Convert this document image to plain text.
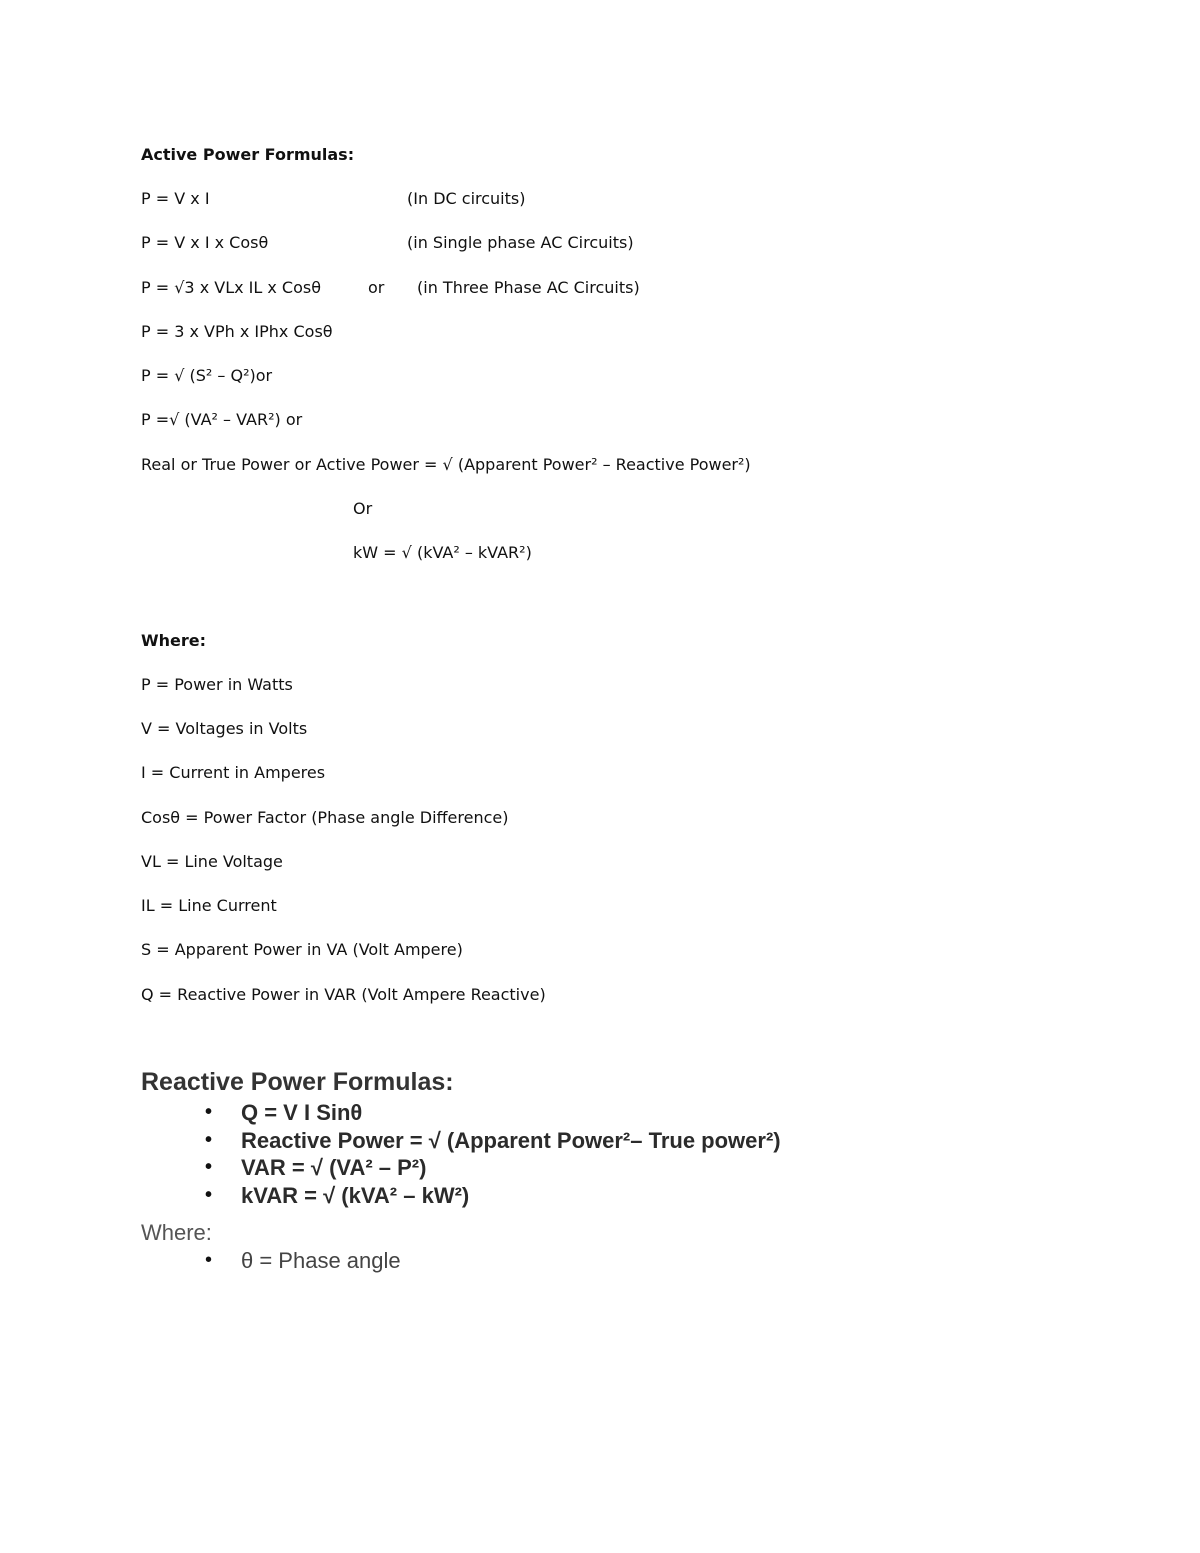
Active Power Formulas:
P = V x I	(In DC circuits)
P = V x I x Cosθ	(in Single phase AC Circuits)
P = √3 x VLx IL x Cosθ	or (in Three Phase AC Circuits)
P = 3 x VPh x IPhx Cosθ
P = √ (S² – Q²)or
P =√ (VA² – VAR²) or
Real or True Power or Active Power = √ (Apparent Power² – Reactive Power²)
Or
kW = √ (kVA² – kVAR²)
Where:
P = Power in Watts
V = Voltages in Volts
I = Current in Amperes
Cosθ = Power Factor (Phase angle Difference)
VL = Line Voltage
IL = Line Current
S = Apparent Power in VA (Volt Ampere)
Q = Reactive Power in VAR (Volt Ampere Reactive)
Reactive Power Formulas:
• Q = V I Sinθ
• Reactive Power = √ (Apparent Power²– True power²)
• VAR = √ (VA² – P²)
• kVAR = √ (kVA² – kW²)
Where:
• θ = Phase angle
